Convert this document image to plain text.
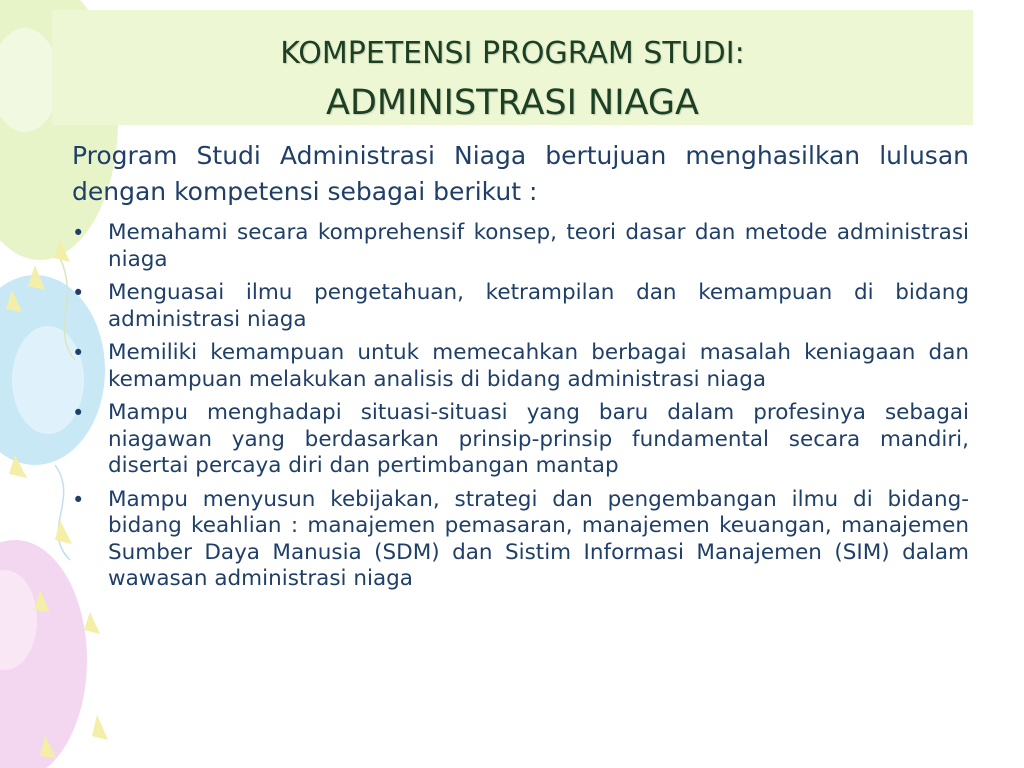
KOMPETENSI PROGRAM STUDI:
ADMINISTRASI NIAGA

Program Studi Administrasi Niaga bertujuan menghasilkan lulusan dengan kompetensi sebagai berikut :

• Memahami secara komprehensif konsep, teori dasar dan metode administrasi niaga
• Menguasai ilmu pengetahuan, ketrampilan dan kemampuan di bidang administrasi niaga
• Memiliki kemampuan untuk memecahkan berbagai masalah keniagaan dan kemampuan melakukan analisis di bidang administrasi niaga
• Mampu menghadapi situasi-situasi yang baru dalam profesinya sebagai niagawan yang berdasarkan prinsip-prinsip fundamental secara mandiri, disertai percaya diri dan pertimbangan mantap
• Mampu menyusun kebijakan, strategi dan pengembangan ilmu di bidang-bidang keahlian : manajemen pemasaran, manajemen keuangan, manajemen Sumber Daya Manusia (SDM) dan Sistim Informasi Manajemen (SIM) dalam wawasan administrasi niaga
